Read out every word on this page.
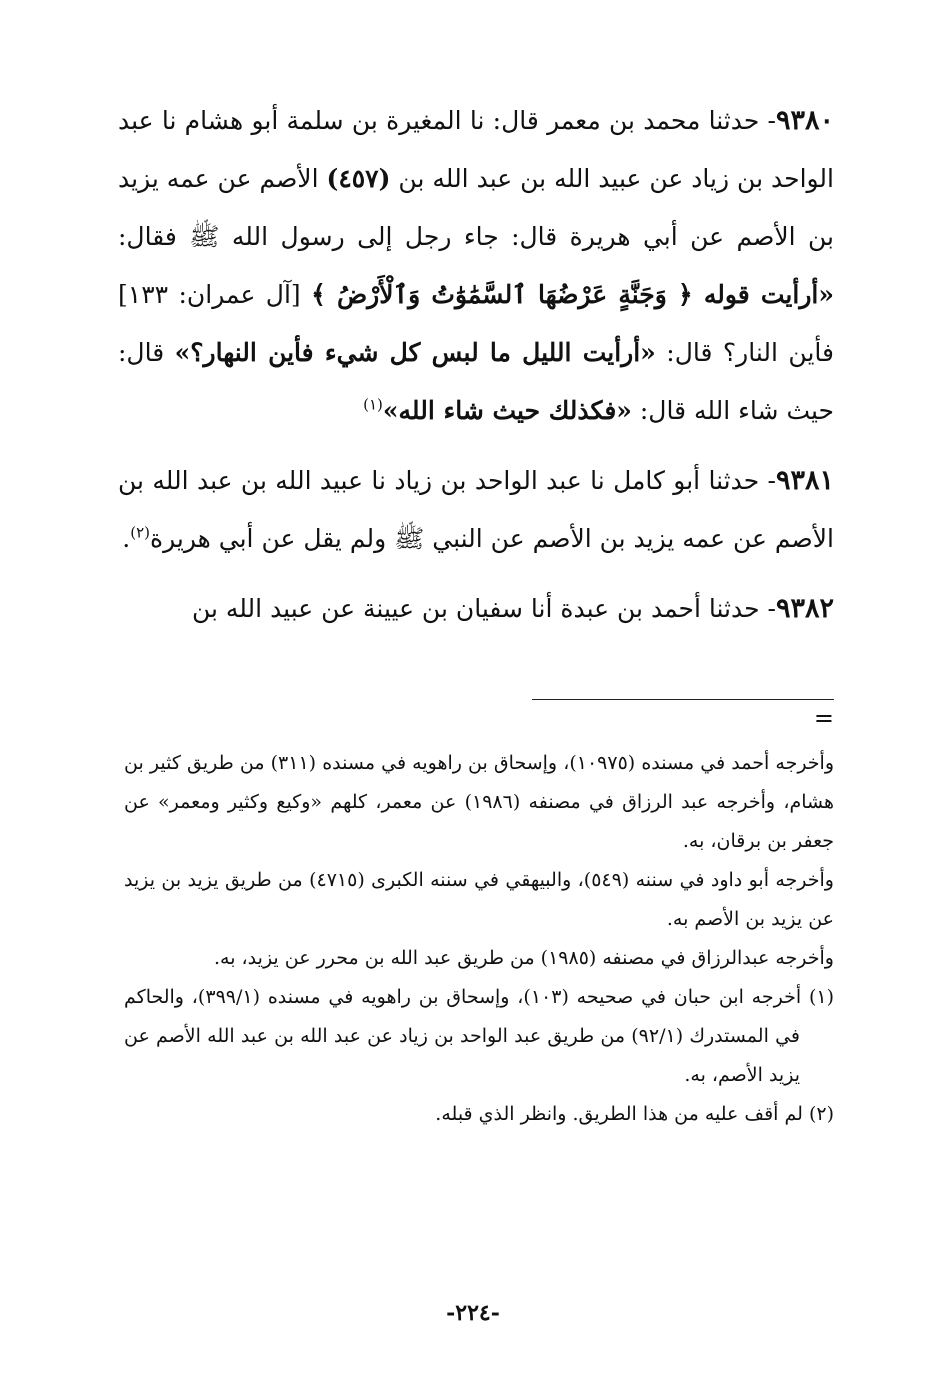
٩٣٨٠- حدثنا محمد بن معمر قال: نا المغيرة بن سلمة أبو هشام نا عبد الواحد بن زياد عن عبيد الله بن عبد الله بن (٤٥٧) الأصم عن عمه يزيد بن الأصم عن أبي هريرة قال: جاء رجل إلى رسول الله ﷺ فقال: «أرأيت قوله ﴿ وَجَنَّةٍ عَرْضُهَا ٱلسَّمَٰوَٰتُ وَٱلْأَرْضُ ﴾ [آل عمران: ١٣٣] فأين النار؟ قال: «أرأيت الليل ما لبس كل شيء فأين النهار؟» قال: حيث شاء الله قال: «فكذلك حيث شاء الله»$^{(١)}$

٩٣٨١- حدثنا أبو كامل نا عبد الواحد بن زياد نا عبيد الله بن عبد الله بن الأصم عن عمه يزيد بن الأصم عن النبي ﷺ ولم يقل عن أبي هريرة$^{(٢)}$.

٩٣٨٢- حدثنا أحمد بن عبدة أنا سفيان بن عيينة عن عبيد الله بن

=

وأخرجه أحمد في مسنده (١٠٩٧٥)، وإسحاق بن راهويه في مسنده (٣١١) من طريق كثير بن هشام، وأخرجه عبد الرزاق في مصنفه (١٩٨٦) عن معمر، كلهم «وكيع وكثير ومعمر» عن جعفر بن برقان، به.

وأخرجه أبو داود في سننه (٥٤٩)، والبيهقي في سننه الكبرى (٤٧١٥) من طريق يزيد بن يزيد عن يزيد بن الأصم به.

وأخرجه عبدالرزاق في مصنفه (١٩٨٥) من طريق عبد الله بن محرر عن يزيد، به.

(١) أخرجه ابن حبان في صحيحه (١٠٣)، وإسحاق بن راهويه في مسنده (٣٩٩/١)، والحاكم في المستدرك (٩٢/١) من طريق عبد الواحد بن زياد عن عبد الله بن عبد الله الأصم عن يزيد الأصم، به.

(٢) لم أقف عليه من هذا الطريق. وانظر الذي قبله.

-٢٢٤-
